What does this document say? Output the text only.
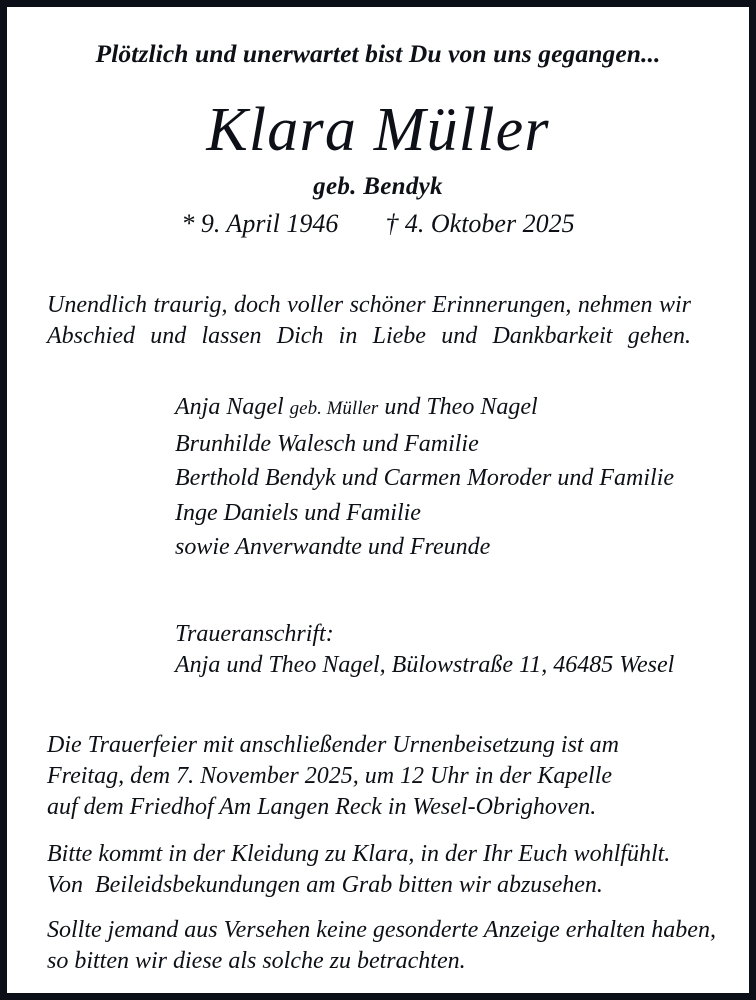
Plötzlich und unerwartet bist Du von uns gegangen...
Klara Müller
geb. Bendyk
* 9. April 1946 † 4. Oktober 2025
Unendlich traurig, doch voller schöner Erinnerungen, nehmen wir Abschied und lassen Dich in Liebe und Dankbarkeit gehen.
Anja Nagel geb. Müller und Theo Nagel
Brunhilde Walesch und Familie
Berthold Bendyk und Carmen Moroder und Familie
Inge Daniels und Familie
sowie Anverwandte und Freunde
Traueranschrift:
Anja und Theo Nagel, Bülowstraße 11, 46485 Wesel
Die Trauerfeier mit anschließender Urnenbeisetzung ist am
Freitag, dem 7. November 2025, um 12 Uhr in der Kapelle
auf dem Friedhof Am Langen Reck in Wesel-Obrighoven.
Bitte kommt in der Kleidung zu Klara, in der Ihr Euch wohlfühlt.
Von  Beileidsbekundungen am Grab bitten wir abzusehen.
Sollte jemand aus Versehen keine gesonderte Anzeige erhalten haben,
so bitten wir diese als solche zu betrachten.
